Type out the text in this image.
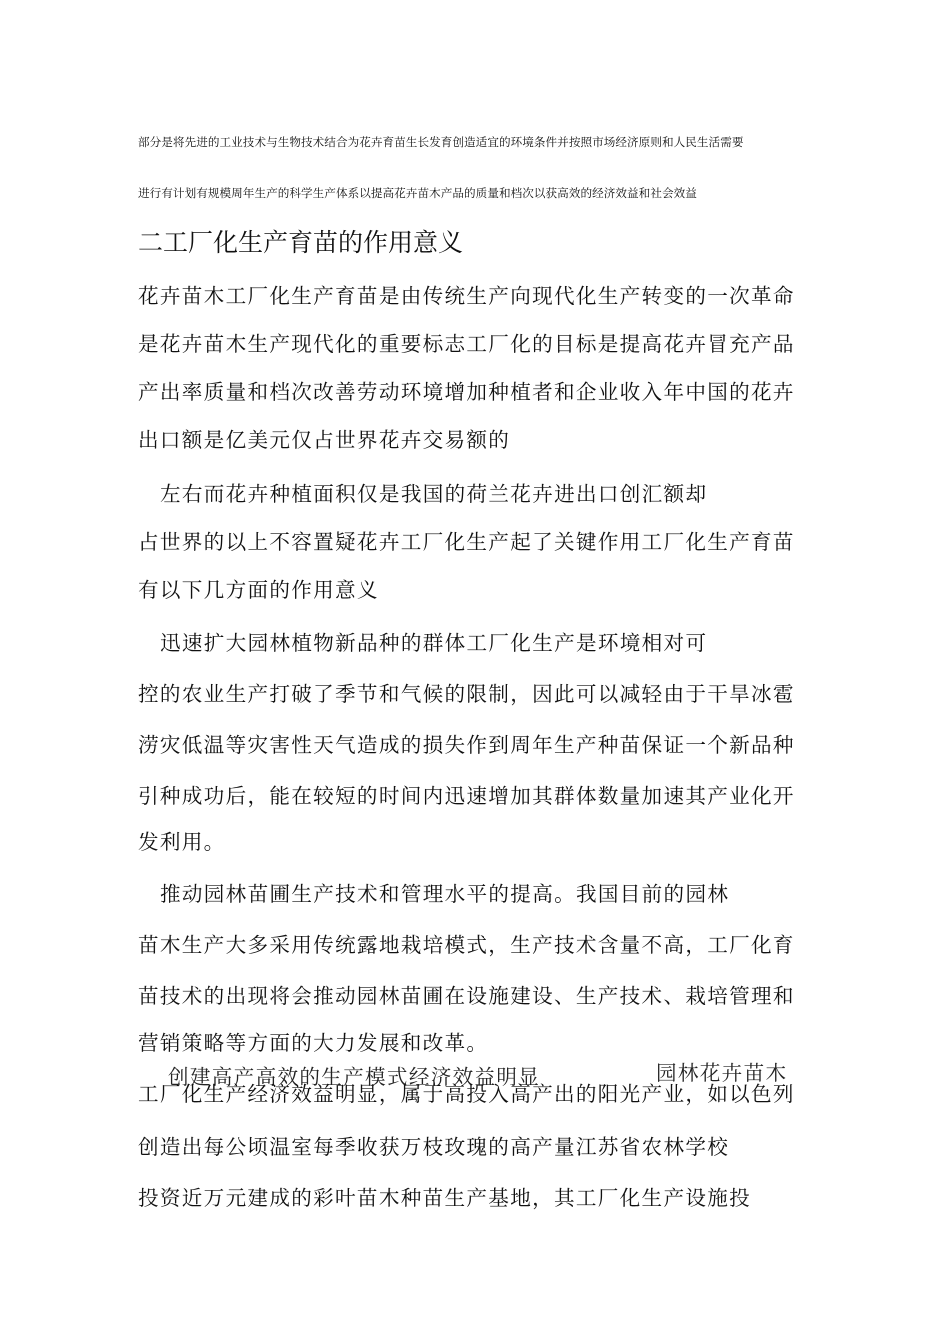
部分是将先进的工业技术与生物技术结合为花卉育苗生长发育创造适宜的环境条件并按照市场经济原则和人民生活需要
进行有计划有规模周年生产的科学生产体系以提高花卉苗木产品的质量和档次以获高效的经济效益和社会效益
二工厂化生产育苗的作用意义
花卉苗木工厂化生产育苗是由传统生产向现代化生产转变的一次革命
是花卉苗木生产现代化的重要标志工厂化的目标是提高花卉冒充产品
产出率质量和档次改善劳动环境增加种植者和企业收入年中国的花卉
出口额是亿美元仅占世界花卉交易额的
左右而花卉种植面积仅是我国的荷兰花卉进出口创汇额却
占世界的以上不容置疑花卉工厂化生产起了关键作用工厂化生产育苗
有以下几方面的作用意义
迅速扩大园林植物新品种的群体工厂化生产是环境相对可
控的农业生产打破了季节和气候的限制，因此可以减轻由于干旱冰雹
涝灾低温等灾害性天气造成的损失作到周年生产种苗保证一个新品种
引种成功后，能在较短的时间内迅速增加其群体数量加速其产业化开
发利用。
推动园林苗圃生产技术和管理水平的提高。我国目前的园林
苗木生产大多采用传统露地栽培模式，生产技术含量不高，工厂化育
苗技术的出现将会推动园林苗圃在设施建设、生产技术、栽培管理和
营销策略等方面的大力发展和改革。
创建高产高效的生产模式经济效益明显	园林花卉苗木
工厂化生产经济效益明显，属于高投入高产出的阳光产业，如以色列
创造出每公顷温室每季收获万枝玫瑰的高产量江苏省农林学校
投资近万元建成的彩叶苗木种苗生产基地，其工厂化生产设施投
